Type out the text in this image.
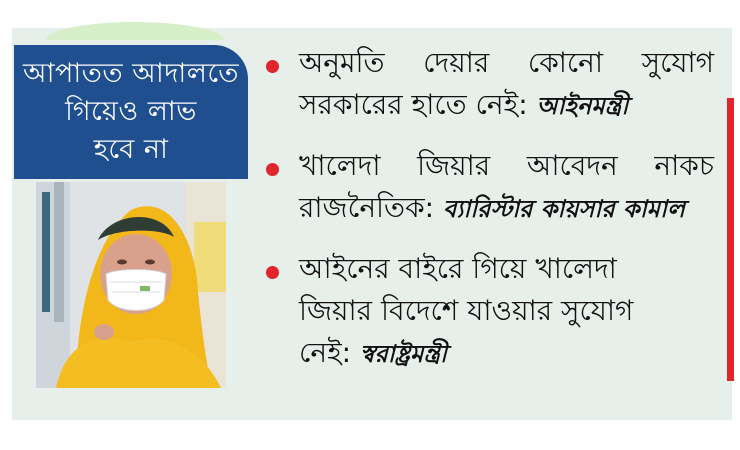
আপাতত আদালতে
গিয়েও লাভ
হবে না
অনুমতি দেয়ার কোনো সুযোগ
সরকারের হাতে নেই: আইনমন্ত্রী
খালেদা জিয়ার আবেদন নাকচ
রাজনৈতিক: ব্যারিস্টার কায়সার কামাল
আইনের বাইরে গিয়ে খালেদা
জিয়ার বিদেশে যাওয়ার সুযোগ
নেই: স্বরাষ্ট্রমন্ত্রী
